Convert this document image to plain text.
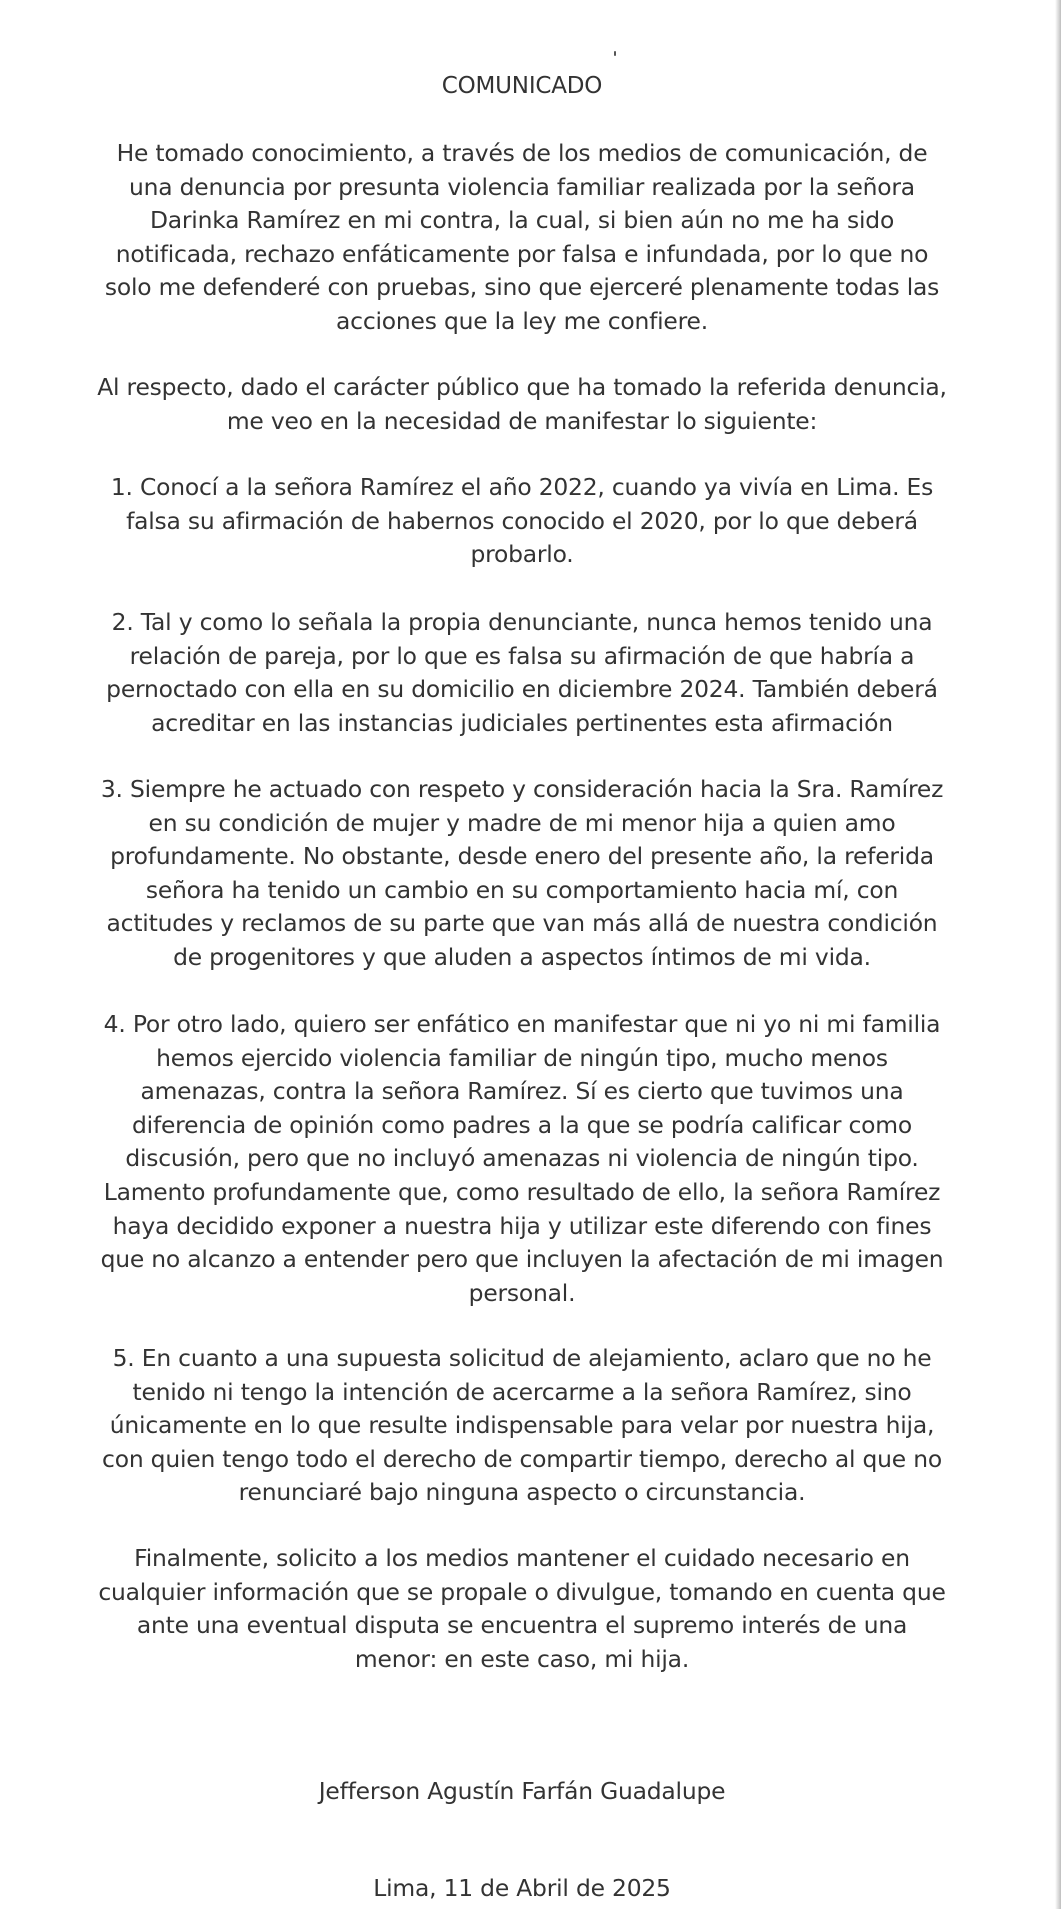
COMUNICADO

He tomado conocimiento, a través de los medios de comunicación, de una denuncia por presunta violencia familiar realizada por la señora Darinka Ramírez en mi contra, la cual, si bien aún no me ha sido notificada, rechazo enfáticamente por falsa e infundada, por lo que no solo me defenderé con pruebas, sino que ejerceré plenamente todas las acciones que la ley me confiere.

Al respecto, dado el carácter público que ha tomado la referida denuncia, me veo en la necesidad de manifestar lo siguiente:

1. Conocí a la señora Ramírez el año 2022, cuando ya vivía en Lima. Es falsa su afirmación de habernos conocido el 2020, por lo que deberá probarlo.

2. Tal y como lo señala la propia denunciante, nunca hemos tenido una relación de pareja, por lo que es falsa su afirmación de que habría a pernoctado con ella en su domicilio en diciembre 2024. También deberá acreditar en las instancias judiciales pertinentes esta afirmación

3. Siempre he actuado con respeto y consideración hacia la Sra. Ramírez en su condición de mujer y madre de mi menor hija a quien amo profundamente. No obstante, desde enero del presente año, la referida señora ha tenido un cambio en su comportamiento hacia mí, con actitudes y reclamos de su parte que van más allá de nuestra condición de progenitores y que aluden a aspectos íntimos de mi vida.

4. Por otro lado, quiero ser enfático en manifestar que ni yo ni mi familia hemos ejercido violencia familiar de ningún tipo, mucho menos amenazas, contra la señora Ramírez. Sí es cierto que tuvimos una diferencia de opinión como padres a la que se podría calificar como discusión, pero que no incluyó amenazas ni violencia de ningún tipo. Lamento profundamente que, como resultado de ello, la señora Ramírez haya decidido exponer a nuestra hija y utilizar este diferendo con fines que no alcanzo a entender pero que incluyen la afectación de mi imagen personal.

5. En cuanto a una supuesta solicitud de alejamiento, aclaro que no he tenido ni tengo la intención de acercarme a la señora Ramírez, sino únicamente en lo que resulte indispensable para velar por nuestra hija, con quien tengo todo el derecho de compartir tiempo, derecho al que no renunciaré bajo ninguna aspecto o circunstancia.

Finalmente, solicito a los medios mantener el cuidado necesario en cualquier información que se propale o divulgue, tomando en cuenta que ante una eventual disputa se encuentra el supremo interés de una menor: en este caso, mi hija.

Jefferson Agustín Farfán Guadalupe

Lima, 11 de Abril de 2025
